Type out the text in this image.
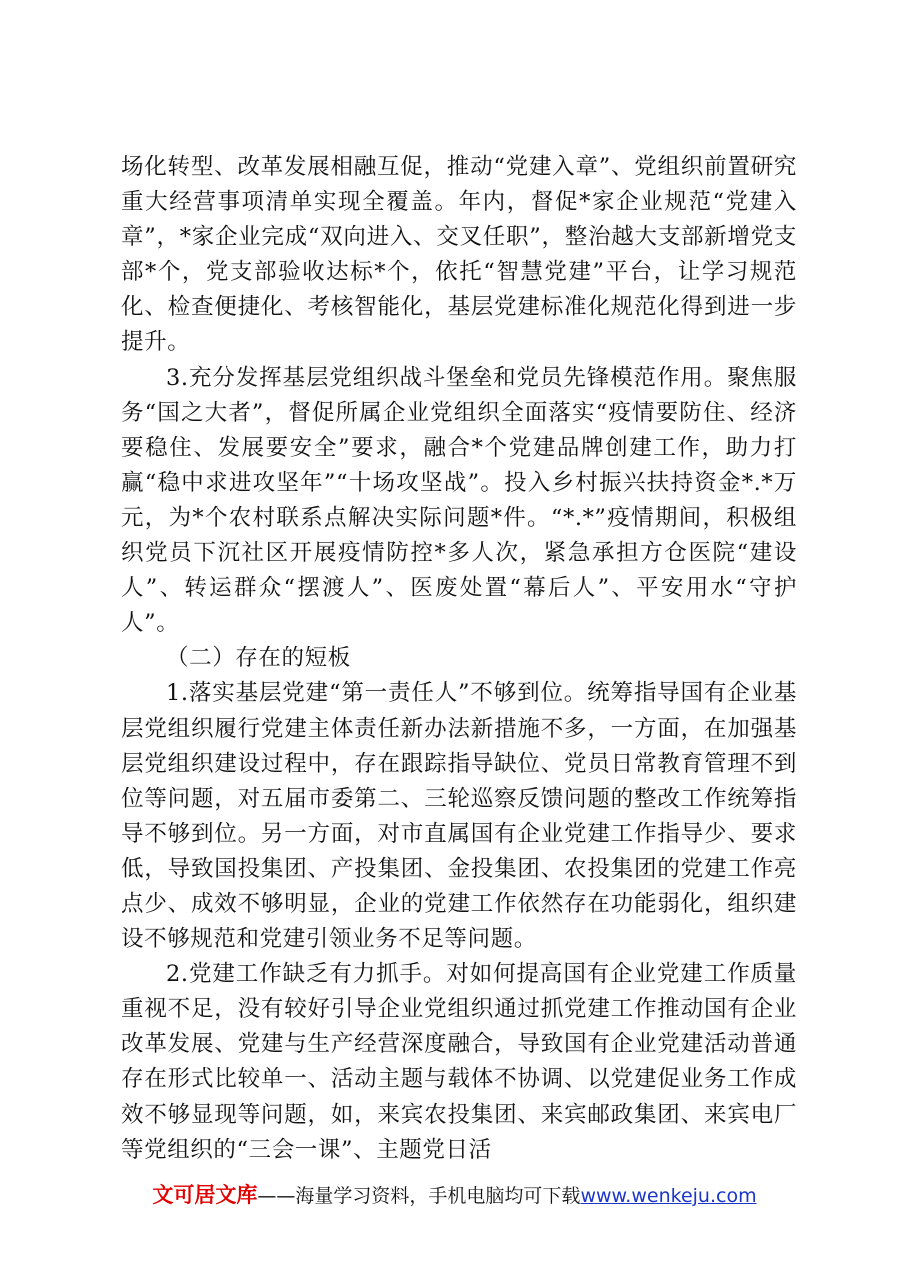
场化转型、改革发展相融互促，推动“党建入章”、党组织前置研究重大经营事项清单实现全覆盖。年内，督促*家企业规范“党建入章”，*家企业完成“双向进入、交叉任职”，整治越大支部新增党支部*个，党支部验收达标*个，依托“智慧党建”平台，让学习规范化、检查便捷化、考核智能化，基层党建标准化规范化得到进一步提升。

3.充分发挥基层党组织战斗堡垒和党员先锋模范作用。聚焦服务“国之大者”，督促所属企业党组织全面落实“疫情要防住、经济要稳住、发展要安全”要求，融合*个党建品牌创建工作，助力打赢“稳中求进攻坚年”“十场攻坚战”。投入乡村振兴扶持资金*.*万元，为*个农村联系点解决实际问题*件。“*.*”疫情期间，积极组织党员下沉社区开展疫情防控*多人次，紧急承担方仓医院“建设人”、转运群众“摆渡人”、医废处置“幕后人”、平安用水“守护人”。

（二）存在的短板

1.落实基层党建“第一责任人”不够到位。统筹指导国有企业基层党组织履行党建主体责任新办法新措施不多，一方面，在加强基层党组织建设过程中，存在跟踪指导缺位、党员日常教育管理不到位等问题，对五届市委第二、三轮巡察反馈问题的整改工作统筹指导不够到位。另一方面，对市直属国有企业党建工作指导少、要求低，导致国投集团、产投集团、金投集团、农投集团的党建工作亮点少、成效不够明显，企业的党建工作依然存在功能弱化，组织建设不够规范和党建引领业务不足等问题。

2.党建工作缺乏有力抓手。对如何提高国有企业党建工作质量重视不足，没有较好引导企业党组织通过抓党建工作推动国有企业改革发展、党建与生产经营深度融合，导致国有企业党建活动普通存在形式比较单一、活动主题与载体不协调、以党建促业务工作成效不够显现等问题，如，来宾农投集团、来宾邮政集团、来宾电厂等党组织的“三会一课”、主题党日活

文可居文库——海量学习资料，手机电脑均可下载www.wenkeju.com
